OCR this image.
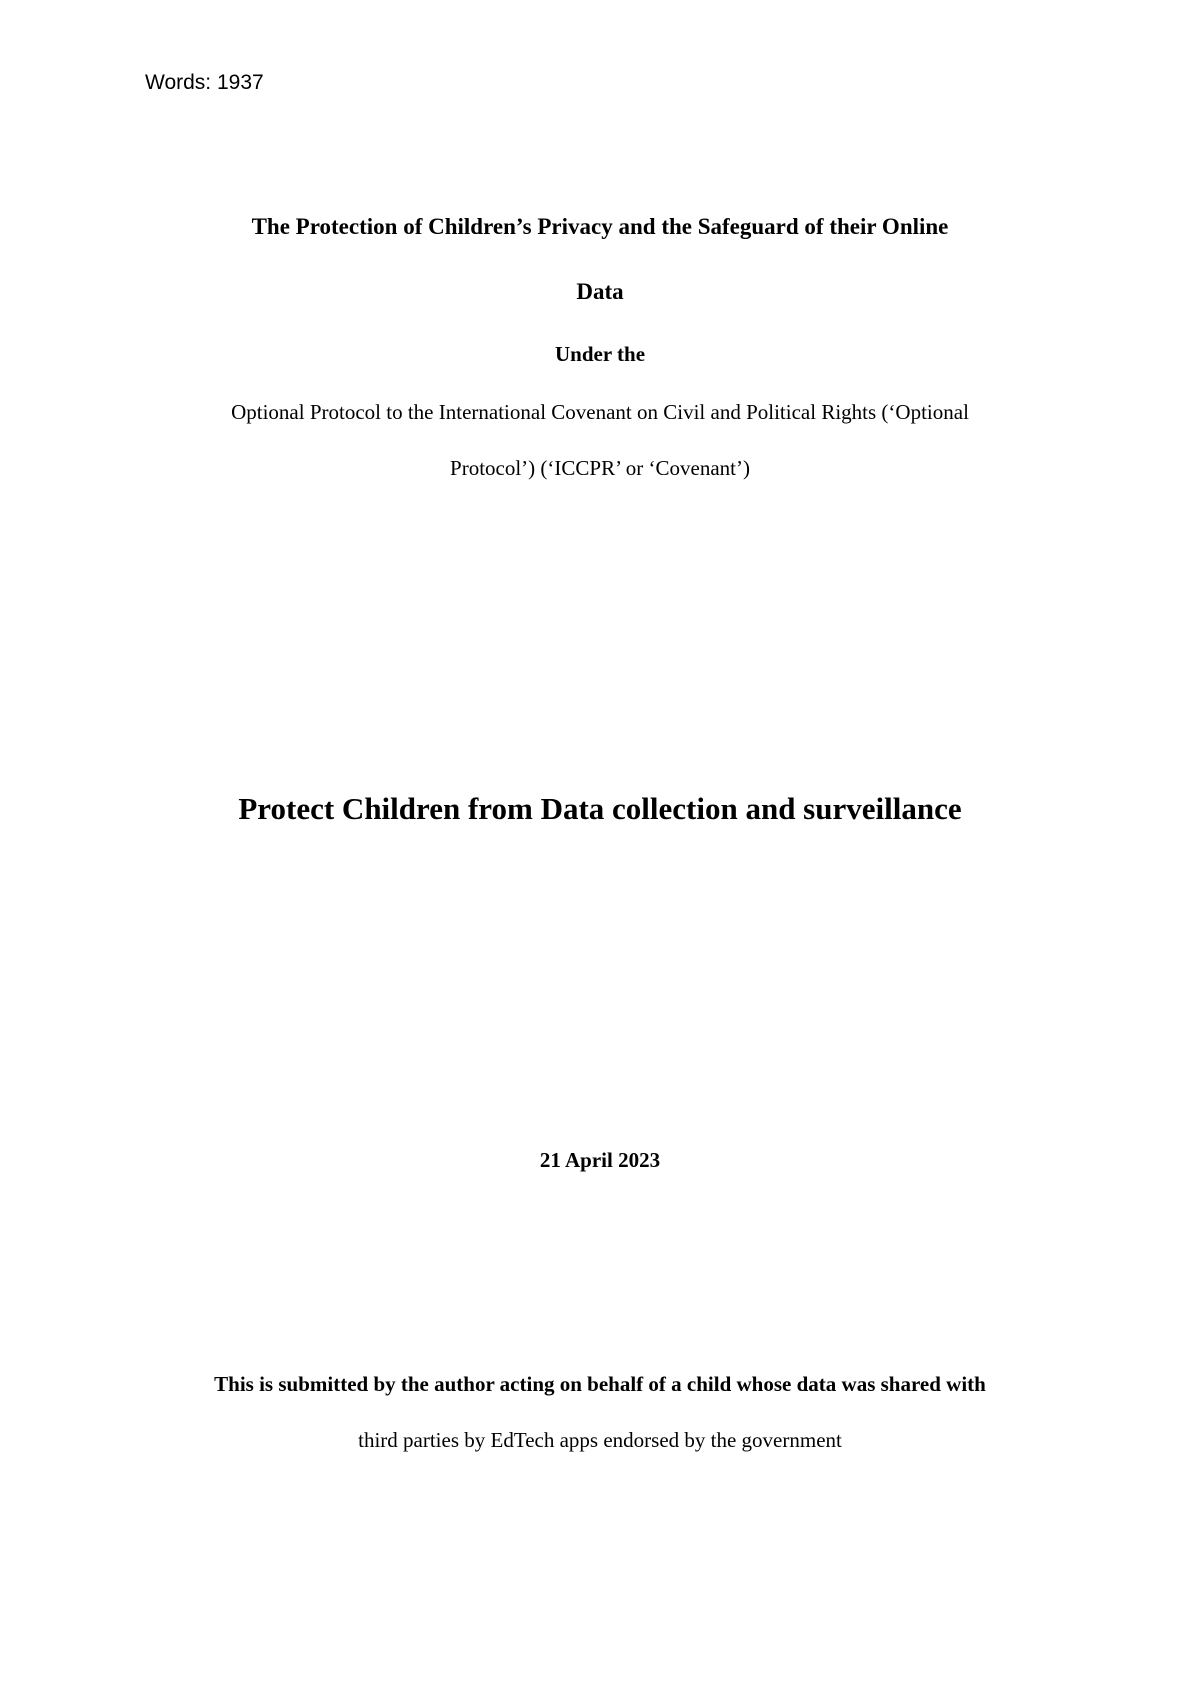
Words: 1937
The Protection of Children’s Privacy and the Safeguard of their Online
Data
Under the
Optional Protocol to the International Covenant on Civil and Political Rights (‘Optional
Protocol’) (‘ICCPR’ or ‘Covenant’)
Protect Children from Data collection and surveillance
21 April 2023
This is submitted by the author acting on behalf of a child whose data was shared with
third parties by EdTech apps endorsed by the government
